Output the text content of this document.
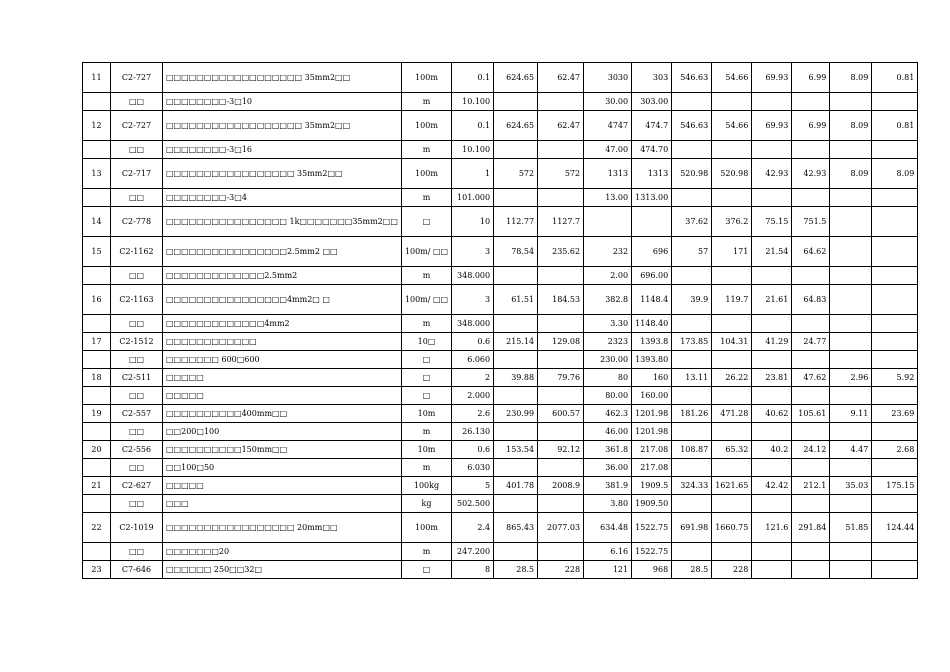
11	C2-727	□□□□□□□□□□□□□□□□□□ 35mm2□□	100m	0.1	624.65	62.47	3030	303	546.63	54.66	69.93	6.99	8.09	0.81
	□□	□□□□□□□□-3□10	m	10.100			30.00	303.00						
12	C2-727	□□□□□□□□□□□□□□□□□□ 35mm2□□	100m	0.1	624.65	62.47	4747	474.7	546.63	54.66	69.93	6.99	8.09	0.81
	□□	□□□□□□□□-3□16	m	10.100			47.00	474.70						
13	C2-717	□□□□□□□□□□□□□□□□□ 35mm2□□	100m	1	572	572	1313	1313	520.98	520.98	42.93	42.93	8.09	8.09
	□□	□□□□□□□□-3□4	m	101.000			13.00	1313.00						
14	C2-778	□□□□□□□□□□□□□□□□ 1k□□□□□□□35mm2□□	□	10	112.77	1127.7			37.62	376.2	75.15	751.5		
15	C2-1162	□□□□□□□□□□□□□□□□2.5mm2 □□	100m/ □□	3	78.54	235.62	232	696	57	171	21.54	64.62		
	□□	□□□□□□□□□□□□□2.5mm2	m	348.000			2.00	696.00						
16	C2-1163	□□□□□□□□□□□□□□□□4mm2□ □	100m/ □□	3	61.51	184.53	382.8	1148.4	39.9	119.7	21.61	64.83		
	□□	□□□□□□□□□□□□□4mm2	m	348.000			3.30	1148.40						
17	C2-1512	□□□□□□□□□□□□	10□	0.6	215.14	129.08	2323	1393.8	173.85	104.31	41.29	24.77		
	□□	□□□□□□□ 600□600	□	6.060			230.00	1393.80						
18	C2-511	□□□□□	□	2	39.88	79.76	80	160	13.11	26.22	23.81	47.62	2.96	5.92
	□□	□□□□□	□	2.000			80.00	160.00						
19	C2-557	□□□□□□□□□□400mm□□	10m	2.6	230.99	600.57	462.3	1201.98	181.26	471.28	40.62	105.61	9.11	23.69
	□□	□□200□100	m	26.130			46.00	1201.98						
20	C2-556	□□□□□□□□□□150mm□□	10m	0.6	153.54	92.12	361.8	217.08	108.87	65.32	40.2	24.12	4.47	2.68
	□□	□□100□50	m	6.030			36.00	217.08						
21	C2-627	□□□□□	100kg	5	401.78	2008.9	381.9	1909.5	324.33	1621.65	42.42	212.1	35.03	175.15
	□□	□□□	kg	502.500			3.80	1909.50						
22	C2-1019	□□□□□□□□□□□□□□□□□ 20mm□□	100m	2.4	865.43	2077.03	634.48	1522.75	691.98	1660.75	121.6	291.84	51.85	124.44
	□□	□□□□□□□20	m	247.200			6.16	1522.75						
23	C7-646	□□□□□□ 250□□32□	□	8	28.5	228	121	968	28.5	228				
